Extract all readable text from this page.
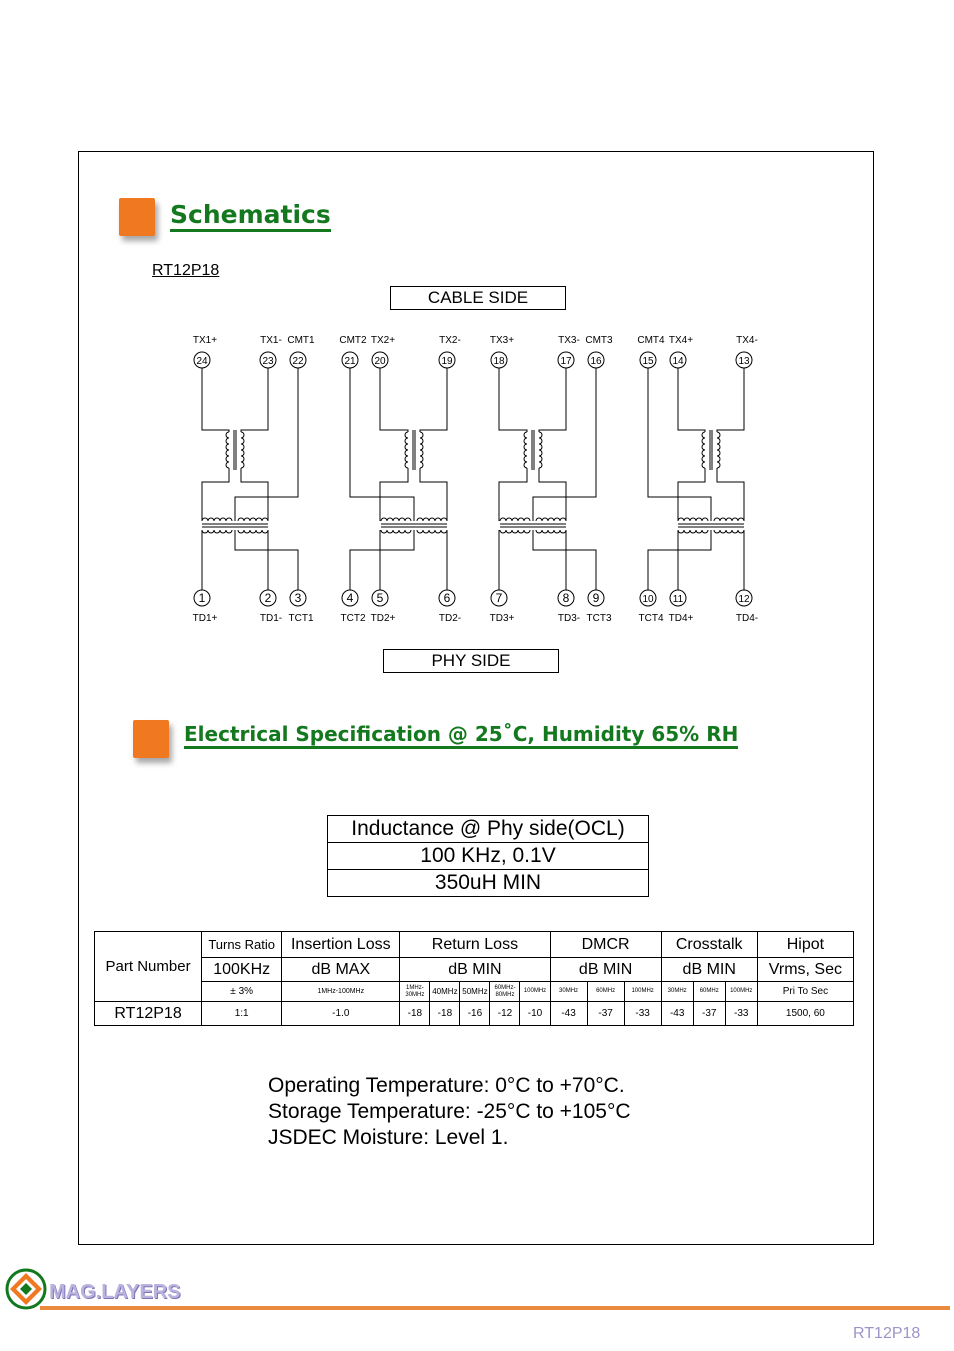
Schematics
RT12P18
CABLE SIDE
PHY SIDE
24
TX1+
23
TX1-
22
CMT1
21
CMT2
20
TX2+
19
TX2-
18
TX3+
17
TX3-
16
CMT3
15
CMT4
14
TX4+
13
TX4-
1
TD1+
2
TD1-
3
TCT1
4
TCT2
5
TD2+
6
TD2-
7
TD3+
8
TD3-
9
TCT3
10
TCT4
11
TD4+
12
TD4-
Electrical Specification @ 25˚C, Humidity 65% RH
Inductance @ Phy side(OCL)
100 KHz, 0.1V
350uH MIN
Part Number	Turns Ratio	Insertion Loss	Return Loss					DMCR			Crosstalk			Hipot
	100KHz	dB MAX	dB MIN					dB MIN			dB MIN			Vrms, Sec
	± 3%	1MHz-100MHz	1MHz-30MHz	40MHz	50MHz	60MHz-80MHz	100MHz	30MHz	60MHz	100MHz	30MHz	60MHz	100MHz	Pri To Sec
RT12P18	1:1	-1.0	-18	-18	-16	-12	-10	-43	-37	-33	-43	-37	-33	1500, 60
Operating Temperature: 0°C to +70°C.
Storage Temperature: -25°C to +105°C
JSDEC Moisture: Level 1.
MAG.LAYERS
RT12P18
